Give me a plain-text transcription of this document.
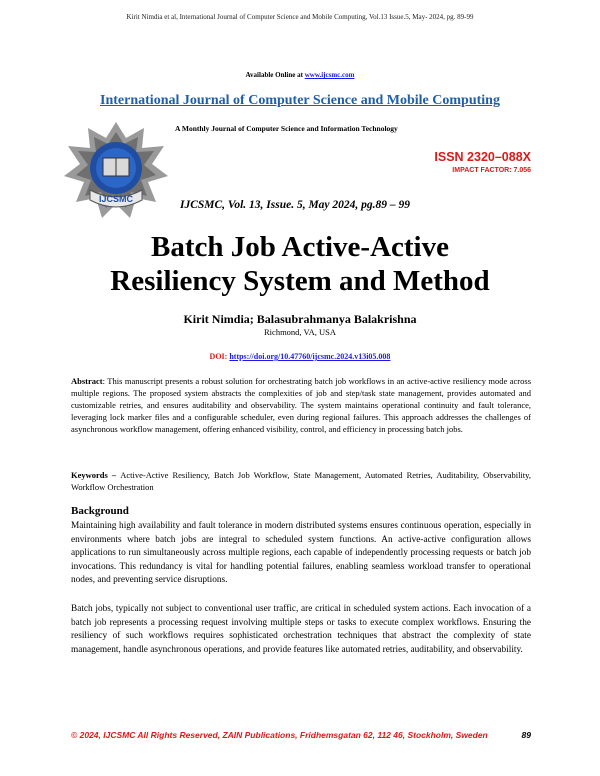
Kirit Nimdia et al, International Journal of Computer Science and Mobile Computing, Vol.13 Issue.5, May- 2024, pg. 89-99
Available Online at www.ijcsmc.com
International Journal of Computer Science and Mobile Computing
IJCSMC
A Monthly Journal of Computer Science and Information Technology
ISSN 2320–088X
IMPACT FACTOR: 7.056
IJCSMC, Vol. 13, Issue. 5, May 2024, pg.89 – 99
Batch Job Active-Active
Resiliency System and Method
Kirit Nimdia; Balasubrahmanya Balakrishna
Richmond, VA, USA
DOI: https://doi.org/10.47760/ijcsmc.2024.v13i05.008
Abstract: This manuscript presents a robust solution for orchestrating batch job workflows in an active-active resiliency mode across multiple regions. The proposed system abstracts the complexities of job and step/task state management, provides automated and customizable retries, and ensures auditability and observability. The system maintains operational continuity and fault tolerance, leveraging lock marker files and a configurable scheduler, even during regional failures. This approach addresses the challenges of asynchronous workflow management, offering enhanced visibility, control, and efficiency in processing batch jobs.
Keywords – Active-Active Resiliency, Batch Job Workflow, State Management, Automated Retries, Auditability, Observability, Workflow Orchestration
Background
Maintaining high availability and fault tolerance in modern distributed systems ensures continuous operation, especially in environments where batch jobs are integral to scheduled system functions. An active-active configuration allows applications to run simultaneously across multiple regions, each capable of independently processing requests or batch job invocations. This redundancy is vital for handling potential failures, enabling seamless workload transfer to operational nodes, and preventing service disruptions.
Batch jobs, typically not subject to conventional user traffic, are critical in scheduled system actions. Each invocation of a batch job represents a processing request involving multiple steps or tasks to execute complex workflows. Ensuring the resiliency of such workflows requires sophisticated orchestration techniques that abstract the complexity of state management, handle asynchronous operations, and provide features like automated retries, auditability, and observability.
© 2024, IJCSMC All Rights Reserved, ZAIN Publications, Fridhemsgatan 62, 112 46, Stockholm, Sweden	89
